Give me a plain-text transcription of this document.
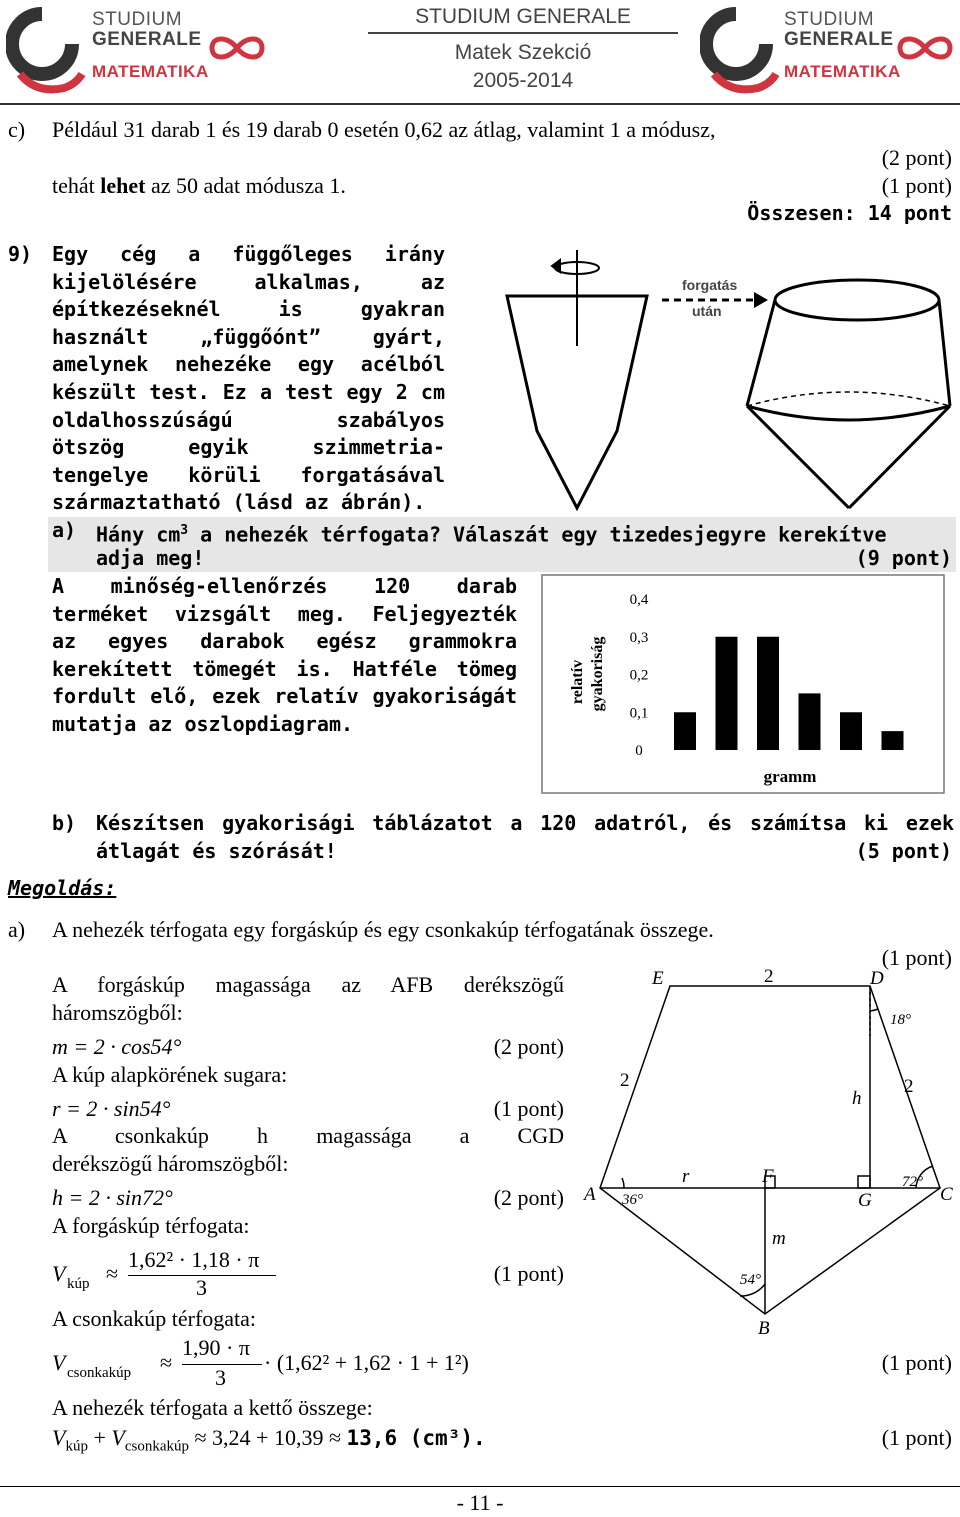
STUDIUM
GENERALE
MATEMATIKA
STUDIUM GENERALE
Matek Szekció
2005-2014
STUDIUM
GENERALE
MATEMATIKA
c) Például 31 darab 1 és 19 darab 0 esetén 0,62 az átlag, valamint 1 a módusz,
(2 pont)
tehát lehet az 50 adat módusza 1.	(1 pont)
Összesen: 14 pont
9) Egy cég a függőleges irány
kijelölésére alkalmas, az
építkezéseknél is gyakran
használt „függőónt” gyárt,
amelynek nehezéke egy acélból
készült test. Ez a test egy 2 cm
oldalhosszúságú szabályos
ötszög egyik szimmetria-
tengelye körüli forgatásával
származtatható (lásd az ábrán).
forgatás
után
a) Hány $cm^3$ a nehezék térfogata? Válaszát egy tizedesjegyre kerekítve
adja meg!	(9 pont)
A minőség-ellenőrzés 120 darab
terméket vizsgált meg. Feljegyezték
az egyes darabok egész grammokra
kerekített tömegét is. Hatféle tömeg
fordult elő, ezek relatív gyakoriságát
mutatja az oszlopdiagram.
relatív gyakoriság
gramm
0
0,1
0,2
0,3
0,4
b) Készítsen gyakorisági táblázatot a 120 adatról, és számítsa ki ezek
átlagát és szórását!	(5 pont)
Megoldás:
a) A nehezék térfogata egy forgáskúp és egy csonkakúp térfogatának összege.
(1 pont)
A forgáskúp magassága az AFB derékszögű
háromszögből:
m = 2 · cos54°	(2 pont)
A kúp alapkörének sugara:
r = 2 · sin54°	(1 pont)
A csonkakúp h magassága a CGD
derékszögű háromszögből:
h = 2 · sin72°	(2 pont)
A forgáskúp térfogata:
V kúp ≈
1,62² · 1,18 · π
3
(1 pont)
A csonkakúp térfogata:
V csonkakúp ≈
1,90 · π
3
· (1,62² + 1,62 · 1 + 1²)	(1 pont)
A nehezék térfogata a kettő összege:
$V_{kúp} + V_{csonkakúp} \approx 3,24 + 10,39 \approx 13,6$ (cm³).	(1 pont)
E	D
A	C
B
F
G
2
2	2
h
r
m
18°
36°
72°
54°
- 11 -
